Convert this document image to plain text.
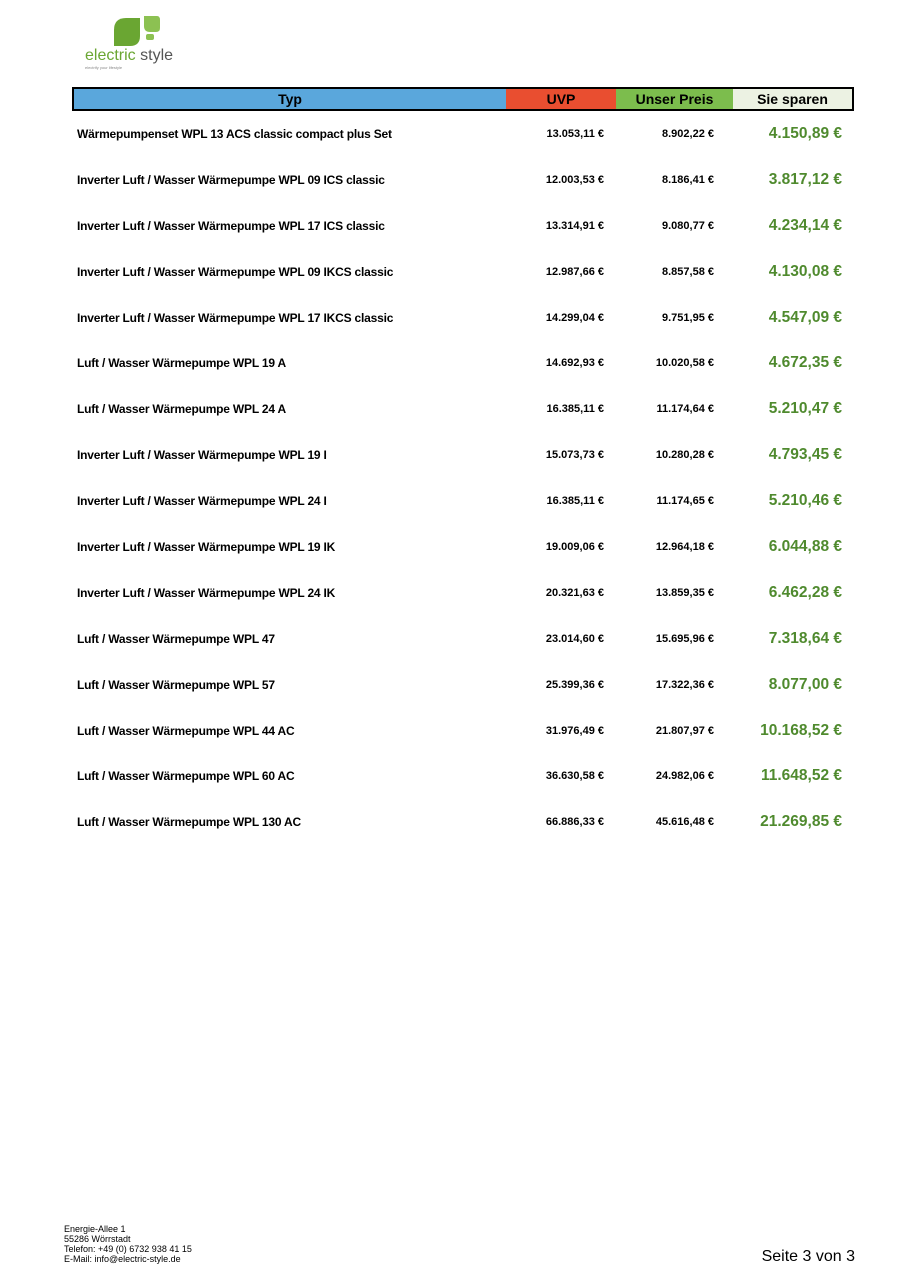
electric style
electrify your lifestyle
Typ	UVP	Unser Preis	Sie sparen
Wärmepumpenset WPL 13 ACS classic compact plus Set	13.053,11 €	8.902,22 €	4.150,89 €
Inverter Luft / Wasser Wärmepumpe WPL 09 ICS classic	12.003,53 €	8.186,41 €	3.817,12 €
Inverter Luft / Wasser Wärmepumpe WPL 17 ICS classic	13.314,91 €	9.080,77 €	4.234,14 €
Inverter Luft / Wasser Wärmepumpe WPL 09 IKCS classic	12.987,66 €	8.857,58 €	4.130,08 €
Inverter Luft / Wasser Wärmepumpe WPL 17 IKCS classic	14.299,04 €	9.751,95 €	4.547,09 €
Luft / Wasser Wärmepumpe WPL 19 A	14.692,93 €	10.020,58 €	4.672,35 €
Luft / Wasser Wärmepumpe WPL 24 A	16.385,11 €	11.174,64 €	5.210,47 €
Inverter Luft / Wasser Wärmepumpe WPL 19 I	15.073,73 €	10.280,28 €	4.793,45 €
Inverter Luft / Wasser Wärmepumpe WPL 24 I	16.385,11 €	11.174,65 €	5.210,46 €
Inverter Luft / Wasser Wärmepumpe WPL 19 IK	19.009,06 €	12.964,18 €	6.044,88 €
Inverter Luft / Wasser Wärmepumpe WPL 24 IK	20.321,63 €	13.859,35 €	6.462,28 €
Luft / Wasser Wärmepumpe WPL 47	23.014,60 €	15.695,96 €	7.318,64 €
Luft / Wasser Wärmepumpe WPL 57	25.399,36 €	17.322,36 €	8.077,00 €
Luft / Wasser Wärmepumpe WPL 44 AC	31.976,49 €	21.807,97 €	10.168,52 €
Luft / Wasser Wärmepumpe WPL 60 AC	36.630,58 €	24.982,06 €	11.648,52 €
Luft / Wasser Wärmepumpe WPL 130 AC	66.886,33 €	45.616,48 €	21.269,85 €
Energie-Allee 1
55286 Wörrstadt
Telefon: +49 (0) 6732 938 41 15
E-Mail: info@electric-style.de	Seite 3 von 3
